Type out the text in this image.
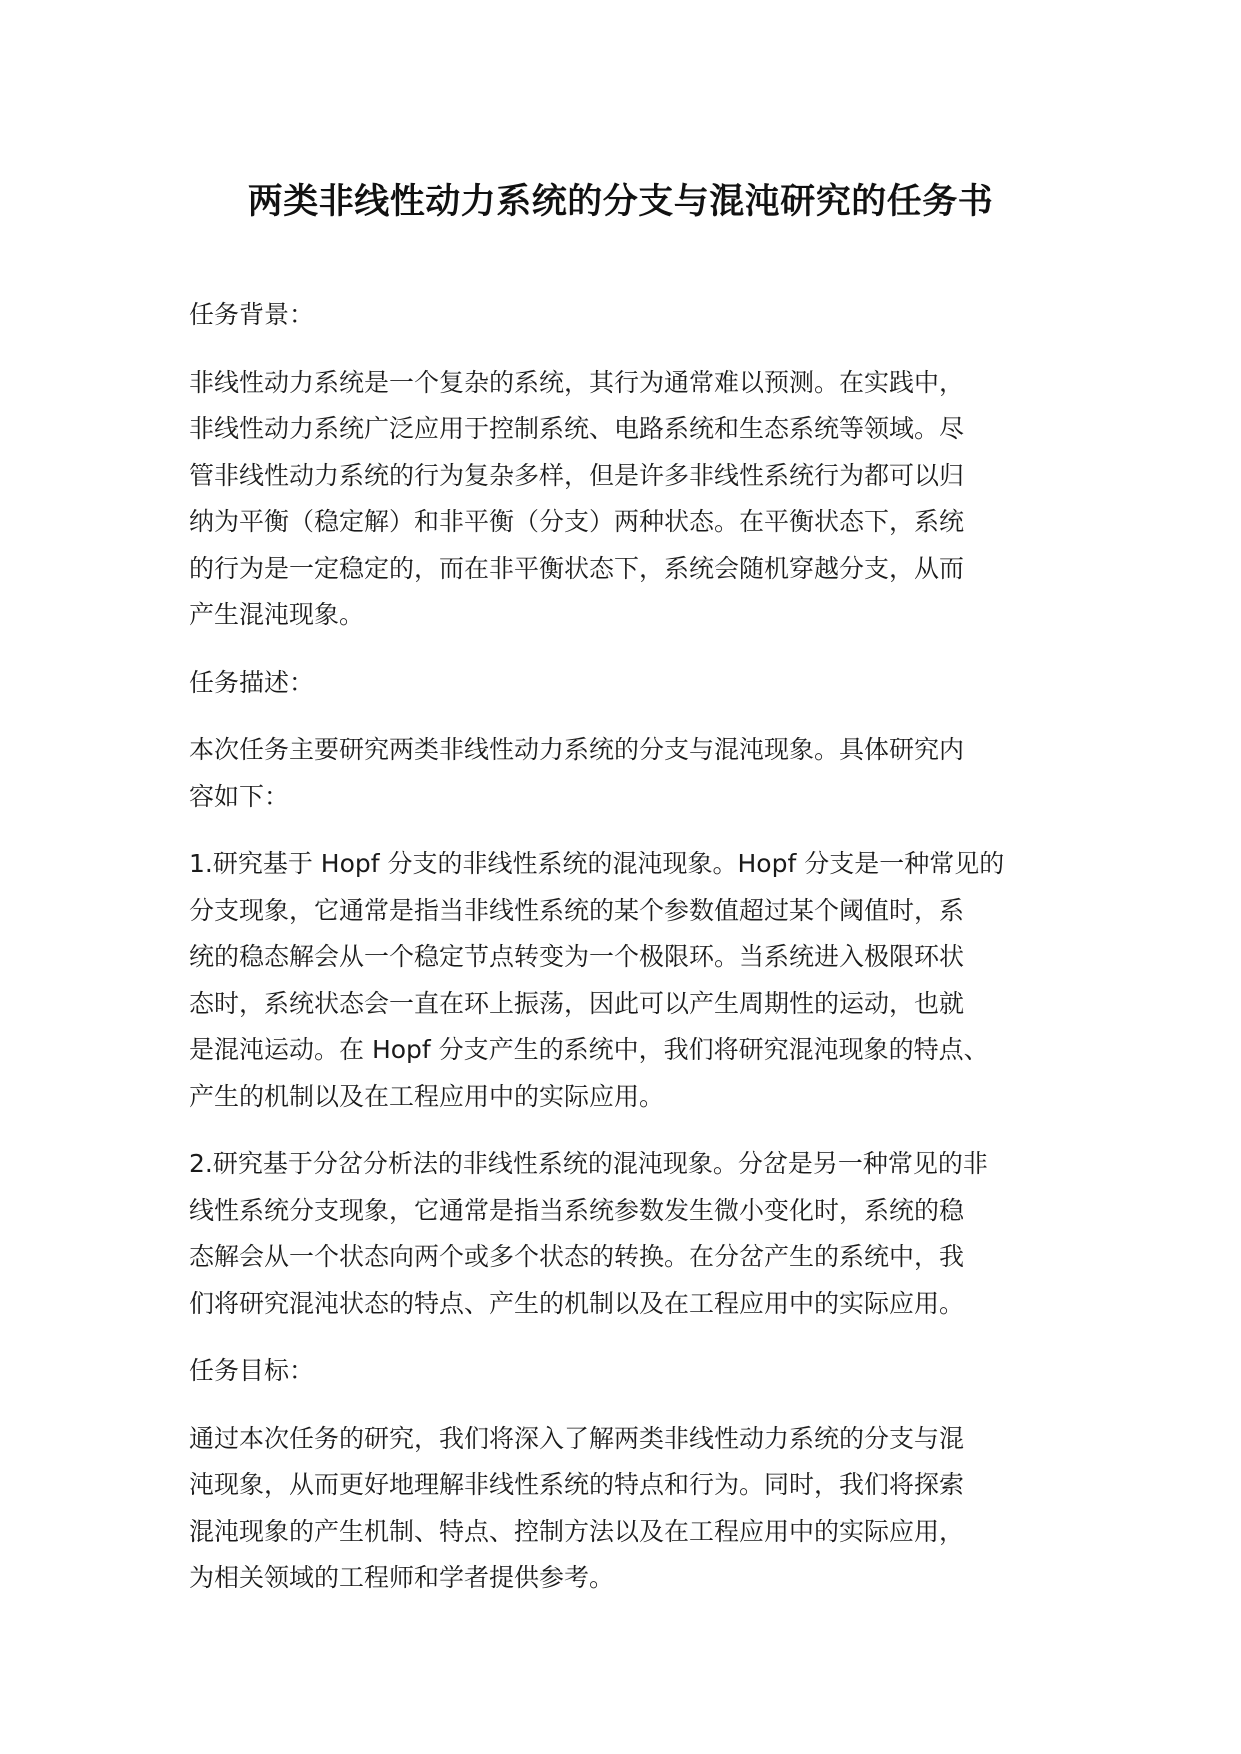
两类非线性动力系统的分支与混沌研究的任务书

任务背景：

非线性动力系统是一个复杂的系统，其行为通常难以预测。在实践中，
非线性动力系统广泛应用于控制系统、电路系统和生态系统等领域。尽
管非线性动力系统的行为复杂多样，但是许多非线性系统行为都可以归
纳为平衡（稳定解）和非平衡（分支）两种状态。在平衡状态下，系统
的行为是一定稳定的，而在非平衡状态下，系统会随机穿越分支，从而
产生混沌现象。

任务描述：

本次任务主要研究两类非线性动力系统的分支与混沌现象。具体研究内
容如下：

1.研究基于 Hopf 分支的非线性系统的混沌现象。Hopf 分支是一种常见的
分支现象，它通常是指当非线性系统的某个参数值超过某个阈值时，系
统的稳态解会从一个稳定节点转变为一个极限环。当系统进入极限环状
态时，系统状态会一直在环上振荡，因此可以产生周期性的运动，也就
是混沌运动。在 Hopf 分支产生的系统中，我们将研究混沌现象的特点、
产生的机制以及在工程应用中的实际应用。

2.研究基于分岔分析法的非线性系统的混沌现象。分岔是另一种常见的非
线性系统分支现象，它通常是指当系统参数发生微小变化时，系统的稳
态解会从一个状态向两个或多个状态的转换。在分岔产生的系统中，我
们将研究混沌状态的特点、产生的机制以及在工程应用中的实际应用。

任务目标：

通过本次任务的研究，我们将深入了解两类非线性动力系统的分支与混
沌现象，从而更好地理解非线性系统的特点和行为。同时，我们将探索
混沌现象的产生机制、特点、控制方法以及在工程应用中的实际应用，
为相关领域的工程师和学者提供参考。
